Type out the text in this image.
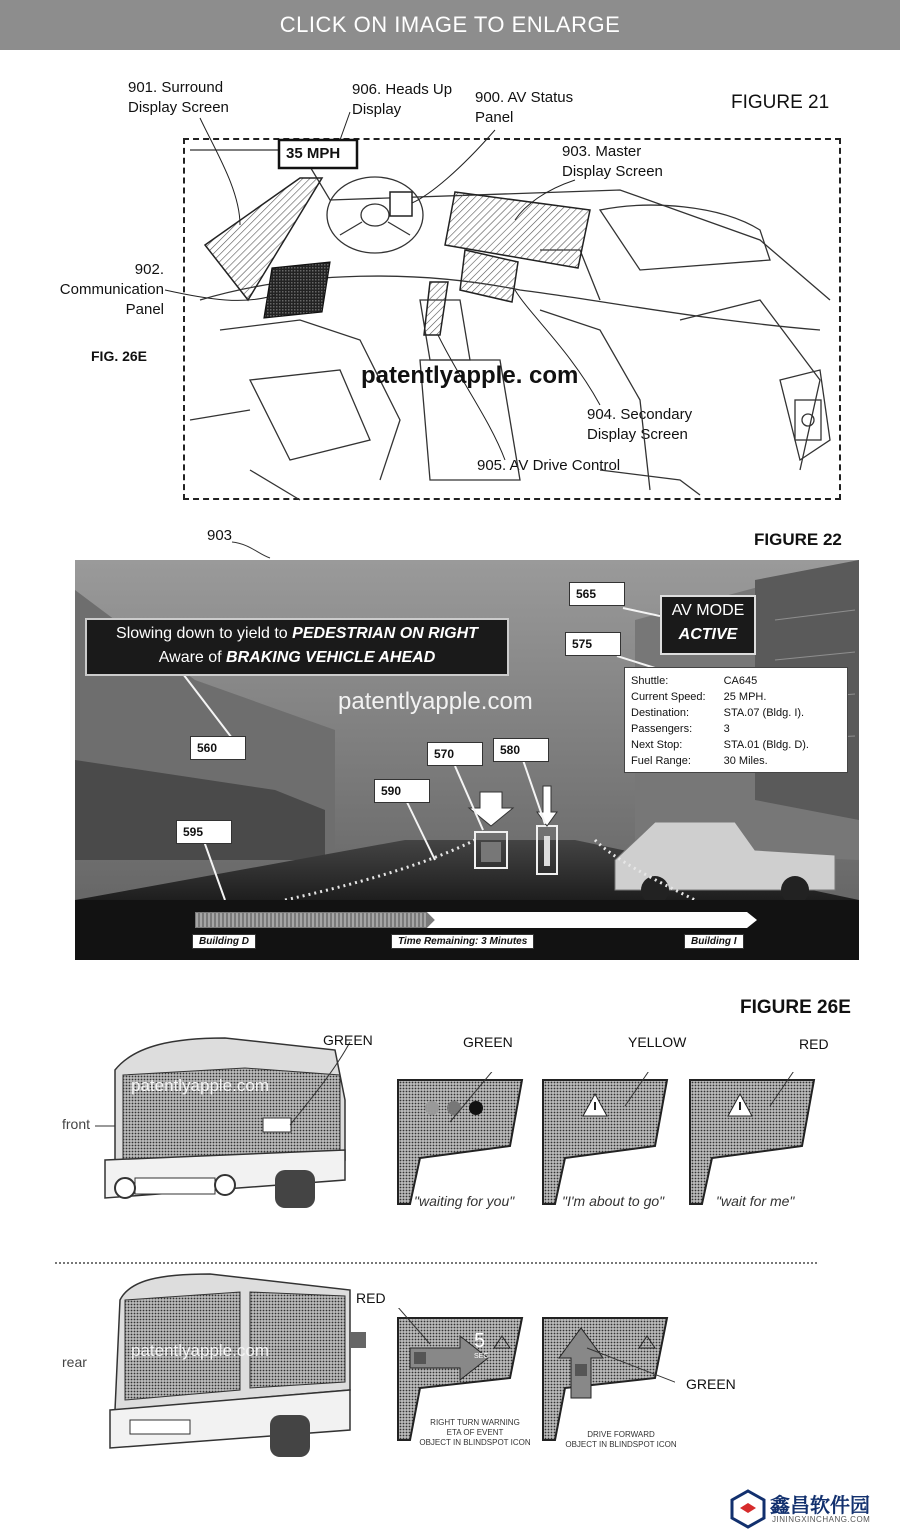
CLICK ON IMAGE TO ENLARGE
FIGURE 21
901. Surround
Display Screen
906. Heads Up
Display
900. AV Status
Panel
903. Master
Display Screen
902.
Communication
Panel
904. Secondary
Display Screen
905. AV Drive Control
FIG. 26E
35 MPH
patentlyapple. com
903	FIGURE 22
Slowing down to yield to PEDESTRIAN ON RIGHT
Aware of BRAKING VEHICLE AHEAD
patentlyapple.com
AV MODE
ACTIVE
565
575
560	570	580
590
595
Shuttle:	CA645
Current Speed:	25 MPH.
Destination:	STA.07 (Bldg. I).
Passengers:	3
Next Stop:	STA.01 (Bldg. D).
Fuel Range:	30 Miles.
Building D	Time Remaining: 3 Minutes	Building I
FIGURE 26E
front
GREEN
patentlyapple.com
GREEN	YELLOW	RED
"waiting for you"	"I'm about to go"	"wait for me"
rear
patentlyapple.com	5
SEC
RED
GREEN
RIGHT TURN WARNING
ETA OF EVENT
OBJECT IN BLINDSPOT ICON
DRIVE FORWARD
OBJECT IN BLINDSPOT ICON
鑫昌软件园
JININGXINCHANG.COM
